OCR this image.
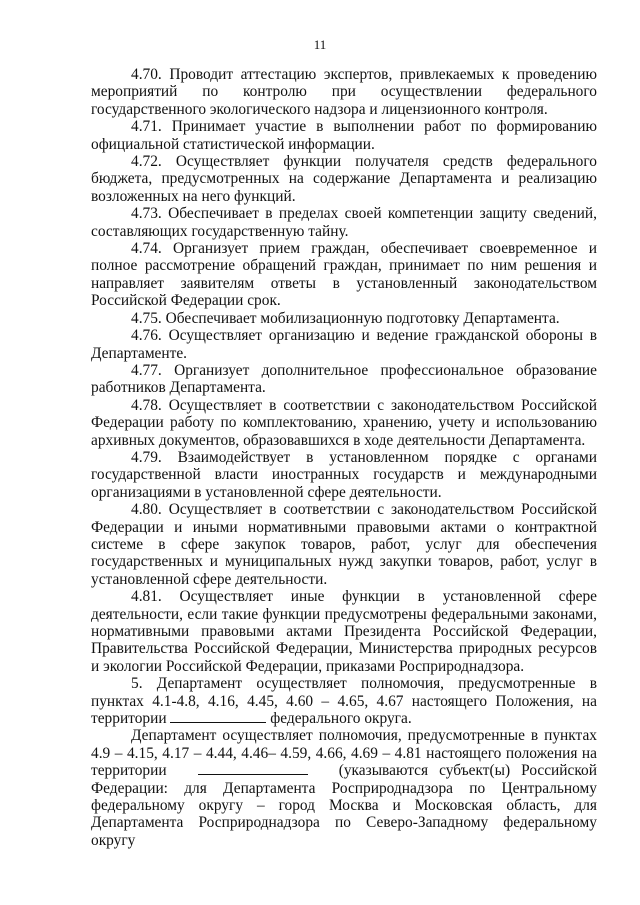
11

4.70. Проводит аттестацию экспертов, привлекаемых к проведению мероприятий по контролю при осуществлении федерального государственного экологического надзора и лицензионного контроля.

4.71. Принимает участие в выполнении работ по формированию официальной статистической информации.

4.72. Осуществляет функции получателя средств федерального бюджета, предусмотренных на содержание Департамента и реализацию возложенных на него функций.

4.73. Обеспечивает в пределах своей компетенции защиту сведений, составляющих государственную тайну.

4.74. Организует прием граждан, обеспечивает своевременное и полное рассмотрение обращений граждан, принимает по ним решения и направляет заявителям ответы в установленный законодательством Российской Федерации срок.

4.75. Обеспечивает мобилизационную подготовку Департамента.

4.76. Осуществляет организацию и ведение гражданской обороны в Департаменте.

4.77. Организует дополнительное профессиональное образование работников Департамента.

4.78. Осуществляет в соответствии с законодательством Российской Федерации работу по комплектованию, хранению, учету и использованию архивных документов, образовавшихся в ходе деятельности Департамента.

4.79. Взаимодействует в установленном порядке с органами государственной власти иностранных государств и международными организациями в установленной сфере деятельности.

4.80. Осуществляет в соответствии с законодательством Российской Федерации и иными нормативными правовыми актами о контрактной системе в сфере закупок товаров, работ, услуг для обеспечения государственных и муниципальных нужд закупки товаров, работ, услуг в установленной сфере деятельности.

4.81. Осуществляет иные функции в установленной сфере деятельности, если такие функции предусмотрены федеральными законами, нормативными правовыми актами Президента Российской Федерации, Правительства Российской Федерации, Министерства природных ресурсов и экологии Российской Федерации, приказами Росприроднадзора.

5. Департамент осуществляет полномочия, предусмотренные в пунктах 4.1-4.8, 4.16, 4.45, 4.60 – 4.65, 4.67 настоящего Положения, на территории	федерального округа.

Департамент осуществляет полномочия, предусмотренные в пунктах 4.9 – 4.15, 4.17 – 4.44, 4.46– 4.59, 4.66, 4.69 – 4.81 настоящего положения на территории	(указываются субъект(ы) Российской Федерации: для Департамента Росприроднадзора по Центральному федеральному округу – город Москва и Московская область, для Департамента Росприроднадзора по Северо-Западному федеральному округу
